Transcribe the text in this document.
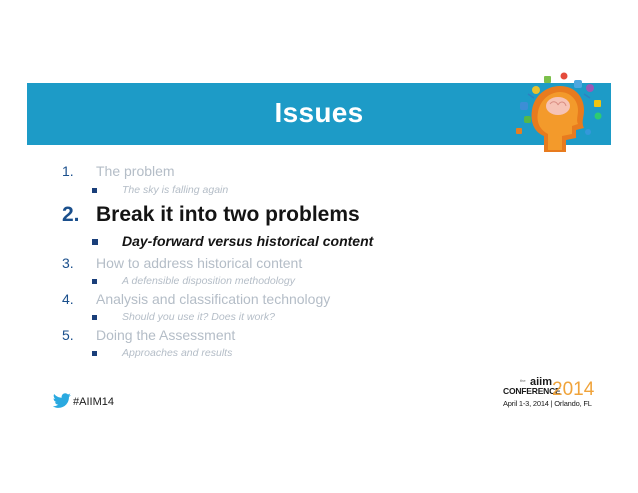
Issues
1. The problem
The sky is falling again
2. Break it into two problems
Day-forward versus historical content
3. How to address historical content
A defensible disposition methodology
4. Analysis and classification technology
Should you use it? Does it work?
5. Doing the Assessment
Approaches and results
#AIIM14
the aiim
CONFERENCE
2014
April 1-3, 2014 | Orlando, FL
